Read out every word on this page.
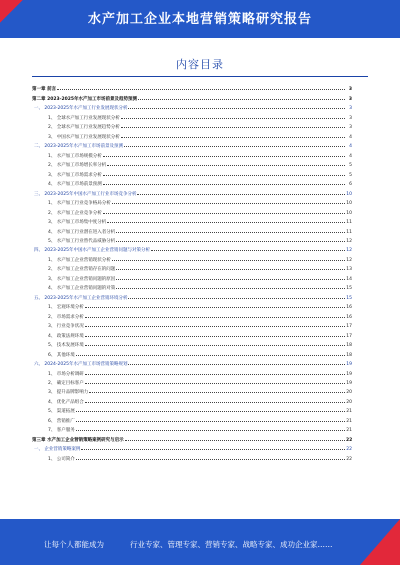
水产加工企业本地营销策略研究报告
内容目录
第一章 前言	3
第二章 2023-2025年水产加工市场前景及趋势预测	3
一、 2023-2025年水产加工行业发展现状分析	3
1、 全球水产加工行业发展现状分析	3
2、 全球水产加工行业发展趋势分析	3
3、 中国水产加工行业发展现状分析	4
二、 2023-2025年水产加工市场前景及预测	4
1、 水产加工市场规模分析	4
2、 水产加工市场增长率分析	5
3、 水产加工市场需求分析	5
4、 水产加工市场前景预测	6
三、 2023-2025年中国水产加工行业市场竞争分析	10
1、 水产加工行业竞争格局分析	10
2、 水产加工企业竞争分析	10
3、 水产加工市场集中度分析	11
4、 水产加工行业潜在进入者分析	11
5、 水产加工行业替代品威胁分析	12
四、 2023-2025年中国水产加工企业营销问题与对策分析	12
1、 水产加工企业营销现状分析	12
2、 水产加工企业营销存在的问题	13
3、 水产加工企业营销问题的原因	14
4、 水产加工企业营销问题的对策	15
五、 2023-2025年水产加工企业营销环境分析	15
1、 宏观环境分析	16
2、 市场需求分析	16
3、 行业竞争状况	17
4、 政策法规环境	17
5、 技术发展环境	18
6、 其他环境	18
六、 2024-2025年水产加工市场营销策略规划	19
1、 市场分析调研	19
2、 确定目标客户	19
3、 提升品牌影响力	20
4、 优化产品组合	20
5、 渠道拓展	21
6、 营销推广	21
7、 客户服务	21
第三章 水产加工企业营销策略案例研究与启示	22
一、 企业营销策略案例	22
1、 公司简介	22
让每个人都能成为	行业专家、管理专家、营销专家、战略专家、成功企业家……
